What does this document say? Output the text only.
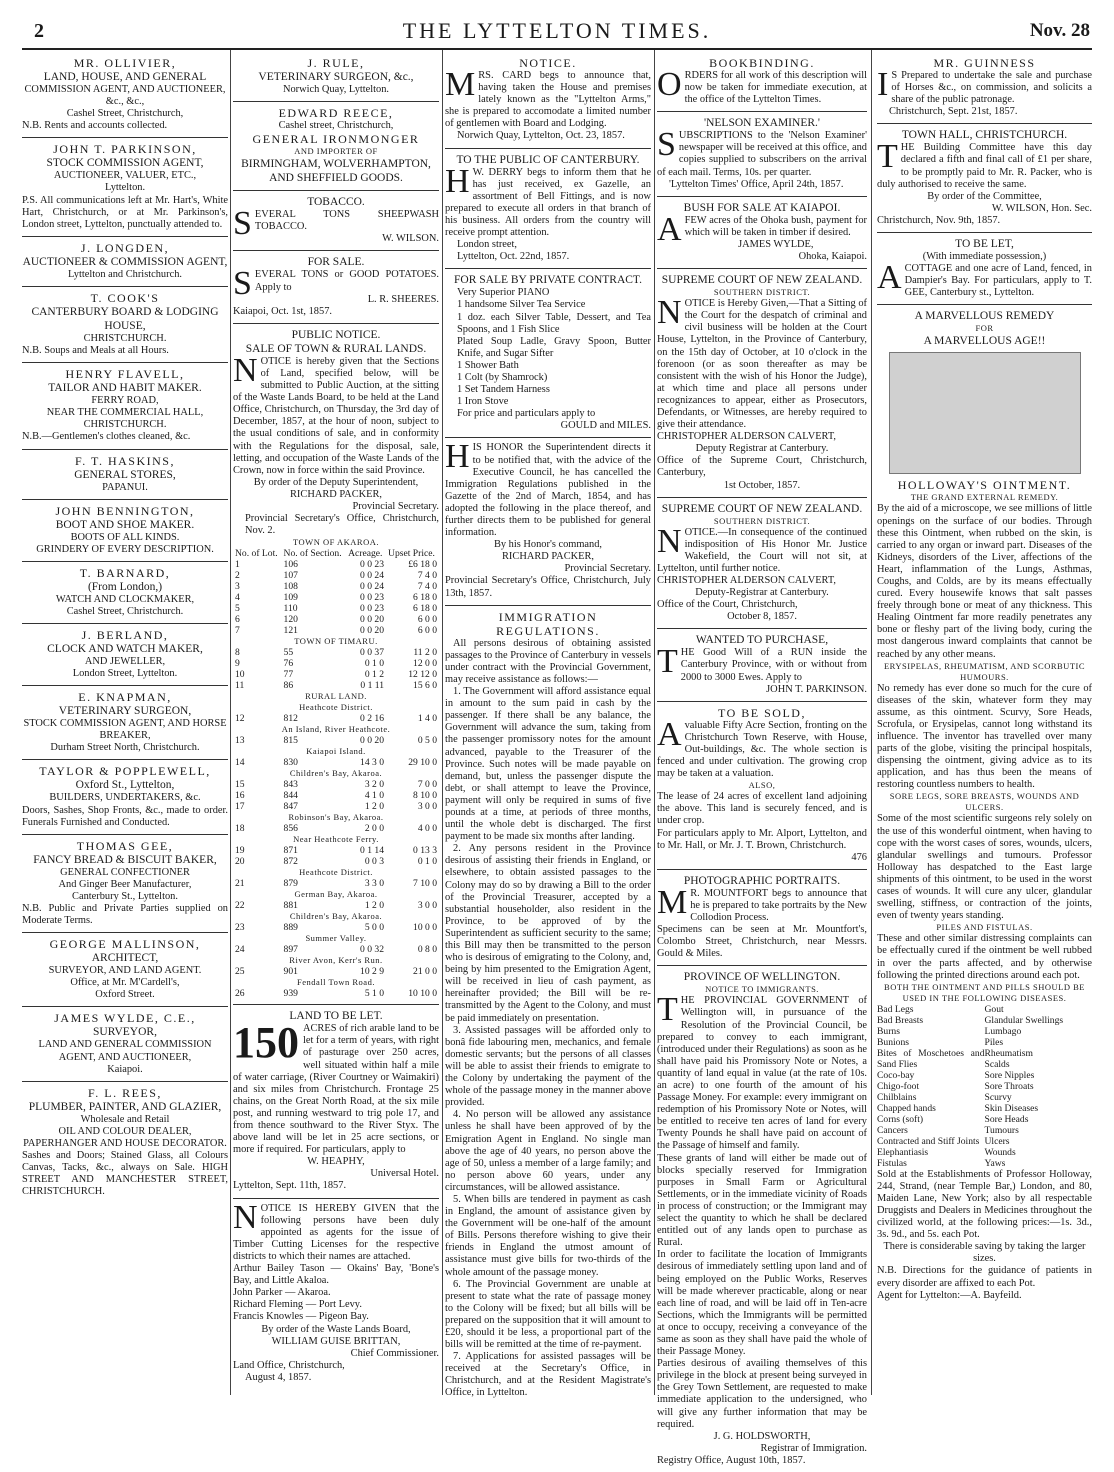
2	THE LYTTELTON TIMES.	Nov. 28
MR. OLLIVIER,
LAND, HOUSE, AND GENERAL
COMMISSION AGENT, AND AUCTIONEER, &c., &c.,
Cashel Street, Christchurch,
N.B. Rents and accounts collected.
JOHN T. PARKINSON,
STOCK COMMISSION AGENT,
AUCTIONEER, VALUER, ETC.,
Lyttelton.
P.S. All communications left at Mr. Hart's, White Hart, Christchurch, or at Mr. Parkinson's, London street, Lyttelton, punctually attended to.
J. LONGDEN,
AUCTIONEER & COMMISSION AGENT,
Lyttelton and Christchurch.
T. COOK'S
CANTERBURY BOARD & LODGING HOUSE,
CHRISTCHURCH.
N.B. Soups and Meals at all Hours.
HENRY FLAVELL,
TAILOR AND HABIT MAKER.
FERRY ROAD,
NEAR THE COMMERCIAL HALL,
CHRISTCHURCH.
N.B.—Gentlemen's clothes cleaned, &c.
F. T. HASKINS,
GENERAL STORES,
PAPANUI.
JOHN BENNINGTON,
BOOT AND SHOE MAKER.
BOOTS OF ALL KINDS.
GRINDERY OF EVERY DESCRIPTION.
T. BARNARD,
(From London,)
WATCH AND CLOCKMAKER,
Cashel Street, Christchurch.
J. BERLAND,
CLOCK AND WATCH MAKER,
AND JEWELLER,
London Street, Lyttelton.
E. KNAPMAN,
VETERINARY SURGEON,
STOCK COMMISSION AGENT, AND HORSE BREAKER,
Durham Street North, Christchurch.
TAYLOR & POPPLEWELL,
Oxford St., Lyttelton,
BUILDERS, UNDERTAKERS, &c.
Doors, Sashes, Shop Fronts, &c., made to order. Funerals Furnished and Conducted.
THOMAS GEE,
FANCY BREAD & BISCUIT BAKER,
GENERAL CONFECTIONER
And Ginger Beer Manufacturer,
Canterbury St., Lyttelton.
N.B. Public and Private Parties supplied on Moderate Terms.
GEORGE MALLINSON,
ARCHITECT,
SURVEYOR, AND LAND AGENT.
Office, at Mr. M'Cardell's,
Oxford Street.
JAMES WYLDE, C.E.,
SURVEYOR,
LAND AND GENERAL COMMISSION AGENT, AND AUCTIONEER,
Kaiapoi.
F. L. REES,
PLUMBER, PAINTER, AND GLAZIER,
Wholesale and Retail
OIL AND COLOUR DEALER,
PAPERHANGER AND HOUSE DECORATOR.
Sashes and Doors; Stained Glass, all Colours Canvas, Tacks, &c., always on Sale. HIGH STREET AND MANCHESTER STREET, CHRISTCHURCH.
J. RULE,
VETERINARY SURGEON, &c.,
Norwich Quay, Lyttelton.
EDWARD REECE,
Cashel street, Christchurch,
GENERAL IRONMONGER
AND IMPORTER OF
BIRMINGHAM, WOLVERHAMPTON, AND SHEFFIELD GOODS.
TOBACCO.
SEVERAL TONS SHEEPWASH TOBACCO.
W. WILSON.
FOR SALE.
SEVERAL TONS or GOOD POTATOES. Apply to
L. R. SHEERES.
Kaiapoi, Oct. 1st, 1857.
PUBLIC NOTICE.
SALE OF TOWN & RURAL LANDS.
NOTICE is hereby given that the Sections of Land, specified below, will be submitted to Public Auction, at the sitting of the Waste Lands Board, to be held at the Land Office, Christchurch, on Thursday, the 3rd day of December, 1857, at the hour of noon, subject to the usual conditions of sale, and in conformity with the Regulations for the disposal, sale, letting, and occupation of the Waste Lands of the Crown, now in force within the said Province.
By order of the Deputy Superintendent,
RICHARD PACKER,
Provincial Secretary.
Provincial Secretary's Office, Christchurch, Nov. 2.
TOWN OF AKAROA.
No. of Lot.	No. of Section.	Acreage.	Upset Price.
1	106	0 0 23	£6 18 0
2	107	0 0 24	7 4 0
3	108	0 0 24	7 4 0
4	109	0 0 23	6 18 0
5	110	0 0 23	6 18 0
6	120	0 0 20	6 0 0
7	121	0 0 20	6 0 0
TOWN OF TIMARU.			
8	55	0 0 37	11 2 0
9	76	0 1 0	12 0 0
10	77	0 1 2	12 12 0
11	86	0 1 11	15 6 0
RURAL LAND.			
Heathcote District.			
12	812	0 2 16	1 4 0
An Island, River Heathcote.			
13	815	0 0 20	0 5 0
Kaiapoi Island.			
14	830	14 3 0	29 10 0
Children's Bay, Akaroa.			
15	843	3 2 0	7 0 0
16	844	4 1 0	8 10 0
17	847	1 2 0	3 0 0
Robinson's Bay, Akaroa.			
18	856	2 0 0	4 0 0
Near Heathcote Ferry.			
19	871	0 1 14	0 13 3
20	872	0 0 3	0 1 0
Heathcote District.			
21	879	3 3 0	7 10 0
German Bay, Akaroa.			
22	881	1 2 0	3 0 0
Children's Bay, Akaroa.			
23	889	5 0 0	10 0 0
Summer Valley.			
24	897	0 0 32	0 8 0
River Avon, Kerr's Run.			
25	901	10 2 9	21 0 0
Fendall Town Road.			
26	939	5 1 0	10 10 0
LAND TO BE LET.
150 ACRES of rich arable land to be let for a term of years, with right of pasturage over 250 acres, well situated within half a mile of water carriage, (River Courtney or Waimakiri) and six miles from Christchurch. Frontage 25 chains, on the Great North Road, at the six mile post, and running westward to trig pole 17, and from thence southward to the River Styx. The above land will be let in 25 acre sections, or more if required. For particulars, apply to
W. HEAPHY,
Universal Hotel.
Lyttelton, Sept. 11th, 1857.
NOTICE IS HEREBY GIVEN that the following persons have been duly appointed as agents for the issue of Timber Cutting Licenses for the respective districts to which their names are attached.
Arthur Bailey Tason — Okains' Bay, 'Bone's Bay, and Little Akaloa.
John Parker — Akaroa.
Richard Fleming — Port Levy.
Francis Knowles — Pigeon Bay.
By order of the Waste Lands Board,
WILLIAM GUISE BRITTAN,
Chief Commissioner.
Land Office, Christchurch,
August 4, 1857.
NOTICE.
MRS. CARD begs to announce that, having taken the House and premises lately known as the "Lyttelton Arms," she is prepared to accomodate a limited number of gentlemen with Board and Lodging.
Norwich Quay, Lyttelton, Oct. 23, 1857.
TO THE PUBLIC OF CANTERBURY.
H W. DERRY begs to inform them that he has just received, ex Gazelle, an assortment of Bell Fittings, and is now prepared to execute all orders in that branch of his business. All orders from the country will receive prompt attention.
London street,
Lyttelton, Oct. 22nd, 1857.
FOR SALE BY PRIVATE CONTRACT.
Very Superior PIANO
1 handsome Silver Tea Service
1 doz. each Silver Table, Dessert, and Tea Spoons, and 1 Fish Slice
Plated Soup Ladle, Gravy Spoon, Butter Knife, and Sugar Sifter
1 Shower Bath
1 Colt (by Shamrock)
1 Set Tandem Harness
1 Iron Stove
For price and particulars apply to
GOULD and MILES.
HIS HONOR the Superintendent directs it to be notified that, with the advice of the Executive Council, he has cancelled the Immigration Regulations published in the Gazette of the 2nd of March, 1854, and has adopted the following in the place thereof, and further directs them to be published for general information.
By his Honor's command,
RICHARD PACKER,
Provincial Secretary.
Provincial Secretary's Office, Christchurch, July 13th, 1857.
IMMIGRATION REGULATIONS.
All persons desirous of obtaining assisted passages to the Province of Canterbury in vessels under contract with the Provincial Government, may receive assistance as follows:—
1. The Government will afford assistance equal in amount to the sum paid in cash by the passenger. If there shall be any balance, the Government will advance the sum, taking from the passenger promissory notes for the amount advanced, payable to the Treasurer of the Province. Such notes will be made payable on demand, but, unless the passenger dispute the debt, or shall attempt to leave the Province, payment will only be required in sums of five pounds at a time, at periods of three months, until the whole debt is discharged. The first payment to be made six months after landing.
2. Any persons resident in the Province desirous of assisting their friends in England, or elsewhere, to obtain assisted passages to the Colony may do so by drawing a Bill to the order of the Provincial Treasurer, accepted by a substantial householder, also resident in the Province, to be approved of by the Superintendent as sufficient security to the same; this Bill may then be transmitted to the person who is desirous of emigrating to the Colony, and, being by him presented to the Emigration Agent, will be received in lieu of cash payment, as hereinafter provided; the Bill will be re-transmitted by the Agent to the Colony, and must be paid immediately on presentation.
3. Assisted passages will be afforded only to bonâ fide labouring men, mechanics, and female domestic servants; but the persons of all classes will be able to assist their friends to emigrate to the Colony by undertaking the payment of the whole of the passage money in the manner above provided.
4. No person will be allowed any assistance unless he shall have been approved of by the Emigration Agent in England. No single man above the age of 40 years, no person above the age of 50, unless a member of a large family; and no person above 60 years, under any circumstances, will be allowed assistance.
5. When bills are tendered in payment as cash in England, the amount of assistance given by the Government will be one-half of the amount of Bills. Persons therefore wishing to give their friends in England the utmost amount of assistance must give bills for two-thirds of the whole amount of the passage money.
6. The Provincial Government are unable at present to state what the rate of passage money to the Colony will be fixed; but all bills will be prepared on the supposition that it will amount to £20, should it be less, a proportional part of the bills will be remitted at the time of re-payment.
7. Applications for assisted passages will be received at the Secretary's Office, in Christchurch, and at the Resident Magistrate's Office, in Lyttelton.
BOOKBINDING.
ORDERS for all work of this description will now be taken for immediate execution, at the office of the Lyttelton Times.
'NELSON EXAMINER.'
SUBSCRIPTIONS to the 'Nelson Examiner' newspaper will be received at this office, and copies supplied to subscribers on the arrival of each mail. Terms, 10s. per quarter.
'Lyttelton Times' Office, April 24th, 1857.
BUSH FOR SALE AT KAIAPOI.
AFEW acres of the Ohoka bush, payment for which will be taken in timber if desired.
JAMES WYLDE,
Ohoka, Kaiapoi.
SUPREME COURT OF NEW ZEALAND.
SOUTHERN DISTRICT.
NOTICE is Hereby Given,—That a Sitting of the Court for the despatch of criminal and civil business will be holden at the Court House, Lyttelton, in the Province of Canterbury, on the 15th day of October, at 10 o'clock in the forenoon (or as soon thereafter as may be consistent with the wish of his Honor the Judge), at which time and place all persons under recognizances to appear, either as Prosecutors, Defendants, or Witnesses, are hereby required to give their attendance.
CHRISTOPHER ALDERSON CALVERT,
Deputy Registrar at Canterbury.
Office of the Supreme Court, Christchurch, Canterbury,
1st October, 1857.
SUPREME COURT OF NEW ZEALAND.
SOUTHERN DISTRICT.
NOTICE.—In consequence of the continued indisposition of His Honor Mr. Justice Wakefield, the Court will not sit, at Lyttelton, until further notice.
CHRISTOPHER ALDERSON CALVERT,
Deputy-Registrar at Canterbury.
Office of the Court, Christchurch,
October 8, 1857.
WANTED TO PURCHASE,
THE Good Will of a RUN inside the Canterbury Province, with or without from 2000 to 3000 Ewes. Apply to
JOHN T. PARKINSON.
TO BE SOLD,
Avaluable Fifty Acre Section, fronting on the Christchurch Town Reserve, with House, Out-buildings, &c. The whole section is fenced and under cultivation. The growing crop may be taken at a valuation.
ALSO,
The lease of 24 acres of excellent land adjoining the above. This land is securely fenced, and is under crop.
For particulars apply to Mr. Alport, Lyttelton, and to Mr. Hall, or Mr. J. T. Brown, Christchurch.
476
PHOTOGRAPHIC PORTRAITS.
M R. MOUNTFORT begs to announce that he is prepared to take portraits by the New Collodion Process.
Specimens can be seen at Mr. Mountfort's, Colombo Street, Christchurch, near Messrs. Gould & Miles.
PROVINCE OF WELLINGTON.
NOTICE TO IMMIGRANTS.
THE PROVINCIAL GOVERNMENT of Wellington will, in pursuance of the Resolution of the Provincial Council, be prepared to convey to each immigrant, (introduced under their Regulations) as soon as he shall have paid his Promissory Note or Notes, a quantity of land equal in value (at the rate of 10s. an acre) to one fourth of the amount of his Passage Money. For example: every immigrant on redemption of his Promissory Note or Notes, will be entitled to receive ten acres of land for every Twenty Pounds he shall have paid on account of the Passage of himself and family.
These grants of land will either be made out of blocks specially reserved for Immigration purposes in Small Farm or Agricultural Settlements, or in the immediate vicinity of Roads in process of construction; or the Immigrant may select the quantity to which he shall be declared entitled out of any lands open to purchase as Rural.
In order to facilitate the location of Immigrants desirous of immediately settling upon land and of being employed on the Public Works, Reserves will be made wherever practicable, along or near each line of road, and will be laid off in Ten-acre Sections, which the Immigrants will be permitted at once to occupy, receiving a conveyance of the same as soon as they shall have paid the whole of their Passage Money.
Parties desirous of availing themselves of this privilege in the block at present being surveyed in the Grey Town Settlement, are requested to make immediate application to the undersigned, who will give any further information that may be required.
J. G. HOLDSWORTH,
Registrar of Immigration.
Registry Office, August 10th, 1857.
MR. GUINNESS
I S Prepared to undertake the sale and purchase of Horses &c., on commission, and solicits a share of the public patronage.
Christchurch, Sept. 21st, 1857.
TOWN HALL, CHRISTCHURCH.
THE Building Committee have this day declared a fifth and final call of £1 per share, to be promptly paid to Mr. R. Packer, who is duly authorised to receive the same.
By order of the Committee,
W. WILSON, Hon. Sec.
Christchurch, Nov. 9th, 1857.
TO BE LET,
(With immediate possession,)
ACOTTAGE and one acre of Land, fenced, in Dampier's Bay. For particulars, apply to T. GEE, Canterbury st., Lyttelton.
A MARVELLOUS REMEDY
FOR
A MARVELLOUS AGE!!
HOLLOWAY'S OINTMENT.
THE GRAND EXTERNAL REMEDY.
By the aid of a microscope, we see millions of little openings on the surface of our bodies. Through these this Ointment, when rubbed on the skin, is carried to any organ or inward part. Diseases of the Kidneys, disorders of the Liver, affections of the Heart, inflammation of the Lungs, Asthmas, Coughs, and Colds, are by its means effectually cured. Every housewife knows that salt passes freely through bone or meat of any thickness. This Healing Ointment far more readily penetrates any bone or fleshy part of the living body, curing the most dangerous inward complaints that cannot be reached by any other means.
ERYSIPELAS, RHEUMATISM, AND SCORBUTIC HUMOURS.
No remedy has ever done so much for the cure of diseases of the skin, whatever form they may assume, as this ointment. Scurvy, Sore Heads, Scrofula, or Erysipelas, cannot long withstand its influence. The inventor has travelled over many parts of the globe, visiting the principal hospitals, dispensing the ointment, giving advice as to its application, and has thus been the means of restoring countless numbers to health.
SORE LEGS, SORE BREASTS, WOUNDS AND ULCERS.
Some of the most scientific surgeons rely solely on the use of this wonderful ointment, when having to cope with the worst cases of sores, wounds, ulcers, glandular swellings and tumours. Professor Holloway has despatched to the East large shipments of this ointment, to be used in the worst cases of wounds. It will cure any ulcer, glandular swelling, stiffness, or contraction of the joints, even of twenty years standing.
PILES AND FISTULAS.
These and other similar distressing complaints can be effectually cured if the ointment be well rubbed in over the parts affected, and by otherwise following the printed directions around each pot.
BOTH THE OINTMENT AND PILLS SHOULD BE USED IN THE FOLLOWING DISEASES.
Bad Legs
Bad Breasts
Burns
Bunions
Bites of Moschetoes and Sand Flies
Coco-bay
Chigo-foot
Chilblains
Chapped hands
Corns (soft)
Cancers
Contracted and Stiff Joints
Elephantiasis
Fistulas
Gout
Glandular Swellings
Lumbago
Piles
Rheumatism
Scalds
Sore Nipples
Sore Throats
Scurvy
Skin Diseases
Sore Heads
Tumours
Ulcers
Wounds
Yaws
Sold at the Establishments of Professor Holloway, 244, Strand, (near Temple Bar,) London, and 80, Maiden Lane, New York; also by all respectable Druggists and Dealers in Medicines throughout the civilized world, at the following prices:—1s. 3d., 3s. 9d., and 5s. each Pot.
There is considerable saving by taking the larger sizes.
N.B. Directions for the guidance of patients in every disorder are affixed to each Pot.
Agent for Lyttelton:—A. Bayfeild.
